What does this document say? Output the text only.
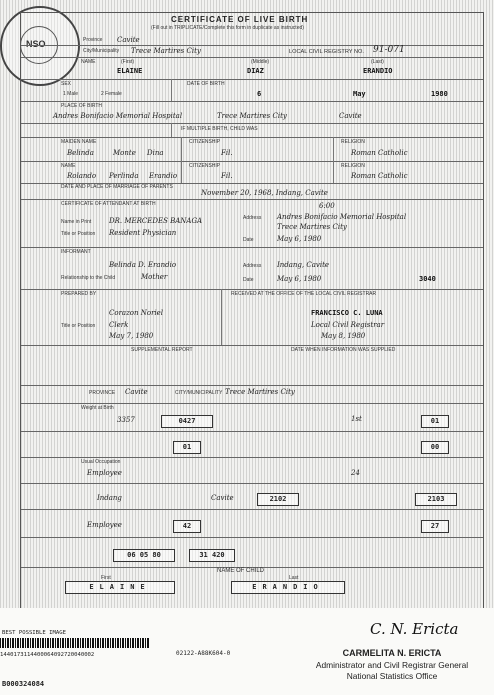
NSO
CERTIFICATE OF LIVE BIRTH
(Fill out in TRIPLICATE/Complete this form in duplicate as instructed)
Province Cavite
City/Municipality Trece Martires City	LOCAL CIVIL REGISTRY NO. 91-071
NAME	(First)	(Middle)	(Last)
ELAINE	DIAZ	ERANDIO
SEX
1 Male	2 Female
DATE OF BIRTH
6	May	1980
PLACE OF BIRTH
Andres Bonifacio Memorial Hospital	Trece Martires City	Cavite
IF MULTIPLE BIRTH, CHILD WAS
MAIDEN NAME
Belinda	Monte Dina
CITIZENSHIP
Fil.
RELIGION
Roman Catholic
NAME
Rolando Perlinda Erandio
CITIZENSHIP
Fil.
RELIGION
Roman Catholic
DATE AND PLACE OF MARRIAGE OF PARENTS
November 20, 1968, Indang, Cavite
CERTIFICATE OF ATTENDANT AT BIRTH	6:00
Name in Print	DR. MERCEDES BANAGA
Title or Position Resident Physician
Address Andres Bonifacio Memorial Hospital
Trece Martires City
Date	May 6, 1980
INFORMANT
Belinda D. Erandio
Relationship to the Child	Mother
Address Indang, Cavite
Date	May 6, 1980	3040
PREPARED BY
Corazon Noriel
Title or Position Clerk
May 7, 1980
RECEIVED AT THE OFFICE OF THE LOCAL CIVIL REGISTRAR
FRANCISCO C. LUNA
Local Civil Registrar
May 8, 1980
SUPPLEMENTAL REPORT	DATE WHEN INFORMATION WAS SUPPLIED
PROVINCE Cavite	CITY/MUNICIPALITY Trece Martires City
Weight at Birth
3357	0427	1st	01
01	00
Usual Occupation
Employee	24
Indang	Cavite	2102	2103
Employee	42	27
06 05 80	31 420
NAME OF CHILD
First	Last
ELAINE	ERANDIO
BEST POSSIBLE IMAGE
1440173114400064092720040002	02122-A88K604-0
B000324084
C. N. Ericta
CARMELITA N. ERICTA
Administrator and Civil Registrar General
National Statistics Office
